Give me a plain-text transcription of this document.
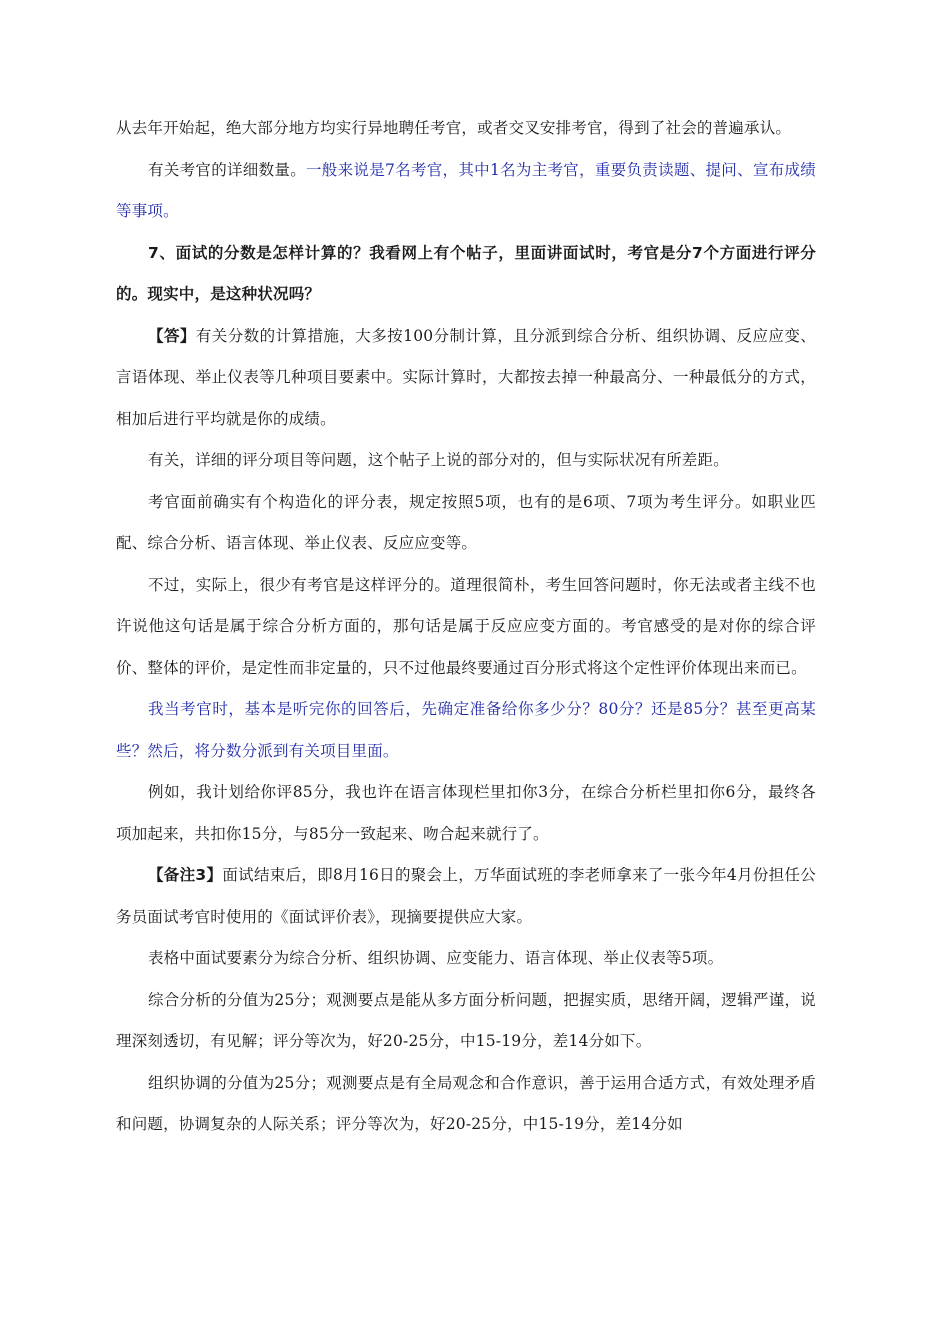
从去年开始起，绝大部分地方均实行异地聘任考官，或者交叉安排考官，得到了社会的普遍承认。

有关考官的详细数量。一般来说是7名考官，其中1名为主考官，重要负责读题、提问、宣布成绩等事项。

7、面试的分数是怎样计算的？我看网上有个帖子，里面讲面试时，考官是分7个方面进行评分的。现实中，是这种状况吗？

【答】有关分数的计算措施，大多按100分制计算，且分派到综合分析、组织协调、反应应变、言语体现、举止仪表等几种项目要素中。实际计算时，大都按去掉一种最高分、一种最低分的方式，相加后进行平均就是你的成绩。

有关，详细的评分项目等问题，这个帖子上说的部分对的，但与实际状况有所差距。

考官面前确实有个构造化的评分表，规定按照5项，也有的是6项、7项为考生评分。如职业匹配、综合分析、语言体现、举止仪表、反应应变等。

不过，实际上，很少有考官是这样评分的。道理很简朴，考生回答问题时，你无法或者主线不也许说他这句话是属于综合分析方面的，那句话是属于反应应变方面的。考官感受的是对你的综合评价、整体的评价，是定性而非定量的，只不过他最终要通过百分形式将这个定性评价体现出来而已。

我当考官时，基本是听完你的回答后，先确定准备给你多少分？80分？还是85分？甚至更高某些？然后，将分数分派到有关项目里面。

例如，我计划给你评85分，我也许在语言体现栏里扣你3分，在综合分析栏里扣你6分，最终各项加起来，共扣你15分，与85分一致起来、吻合起来就行了。

【备注3】面试结束后，即8月16日的聚会上，万华面试班的李老师拿来了一张今年4月份担任公务员面试考官时使用的《面试评价表》，现摘要提供应大家。

表格中面试要素分为综合分析、组织协调、应变能力、语言体现、举止仪表等5项。

综合分析的分值为25分；观测要点是能从多方面分析问题，把握实质，思绪开阔，逻辑严谨，说理深刻透切，有见解；评分等次为，好20-25分，中15-19分，差14分如下。

组织协调的分值为25分；观测要点是有全局观念和合作意识，善于运用合适方式，有效处理矛盾和问题，协调复杂的人际关系；评分等次为，好20-25分，中15-19分，差14分如
